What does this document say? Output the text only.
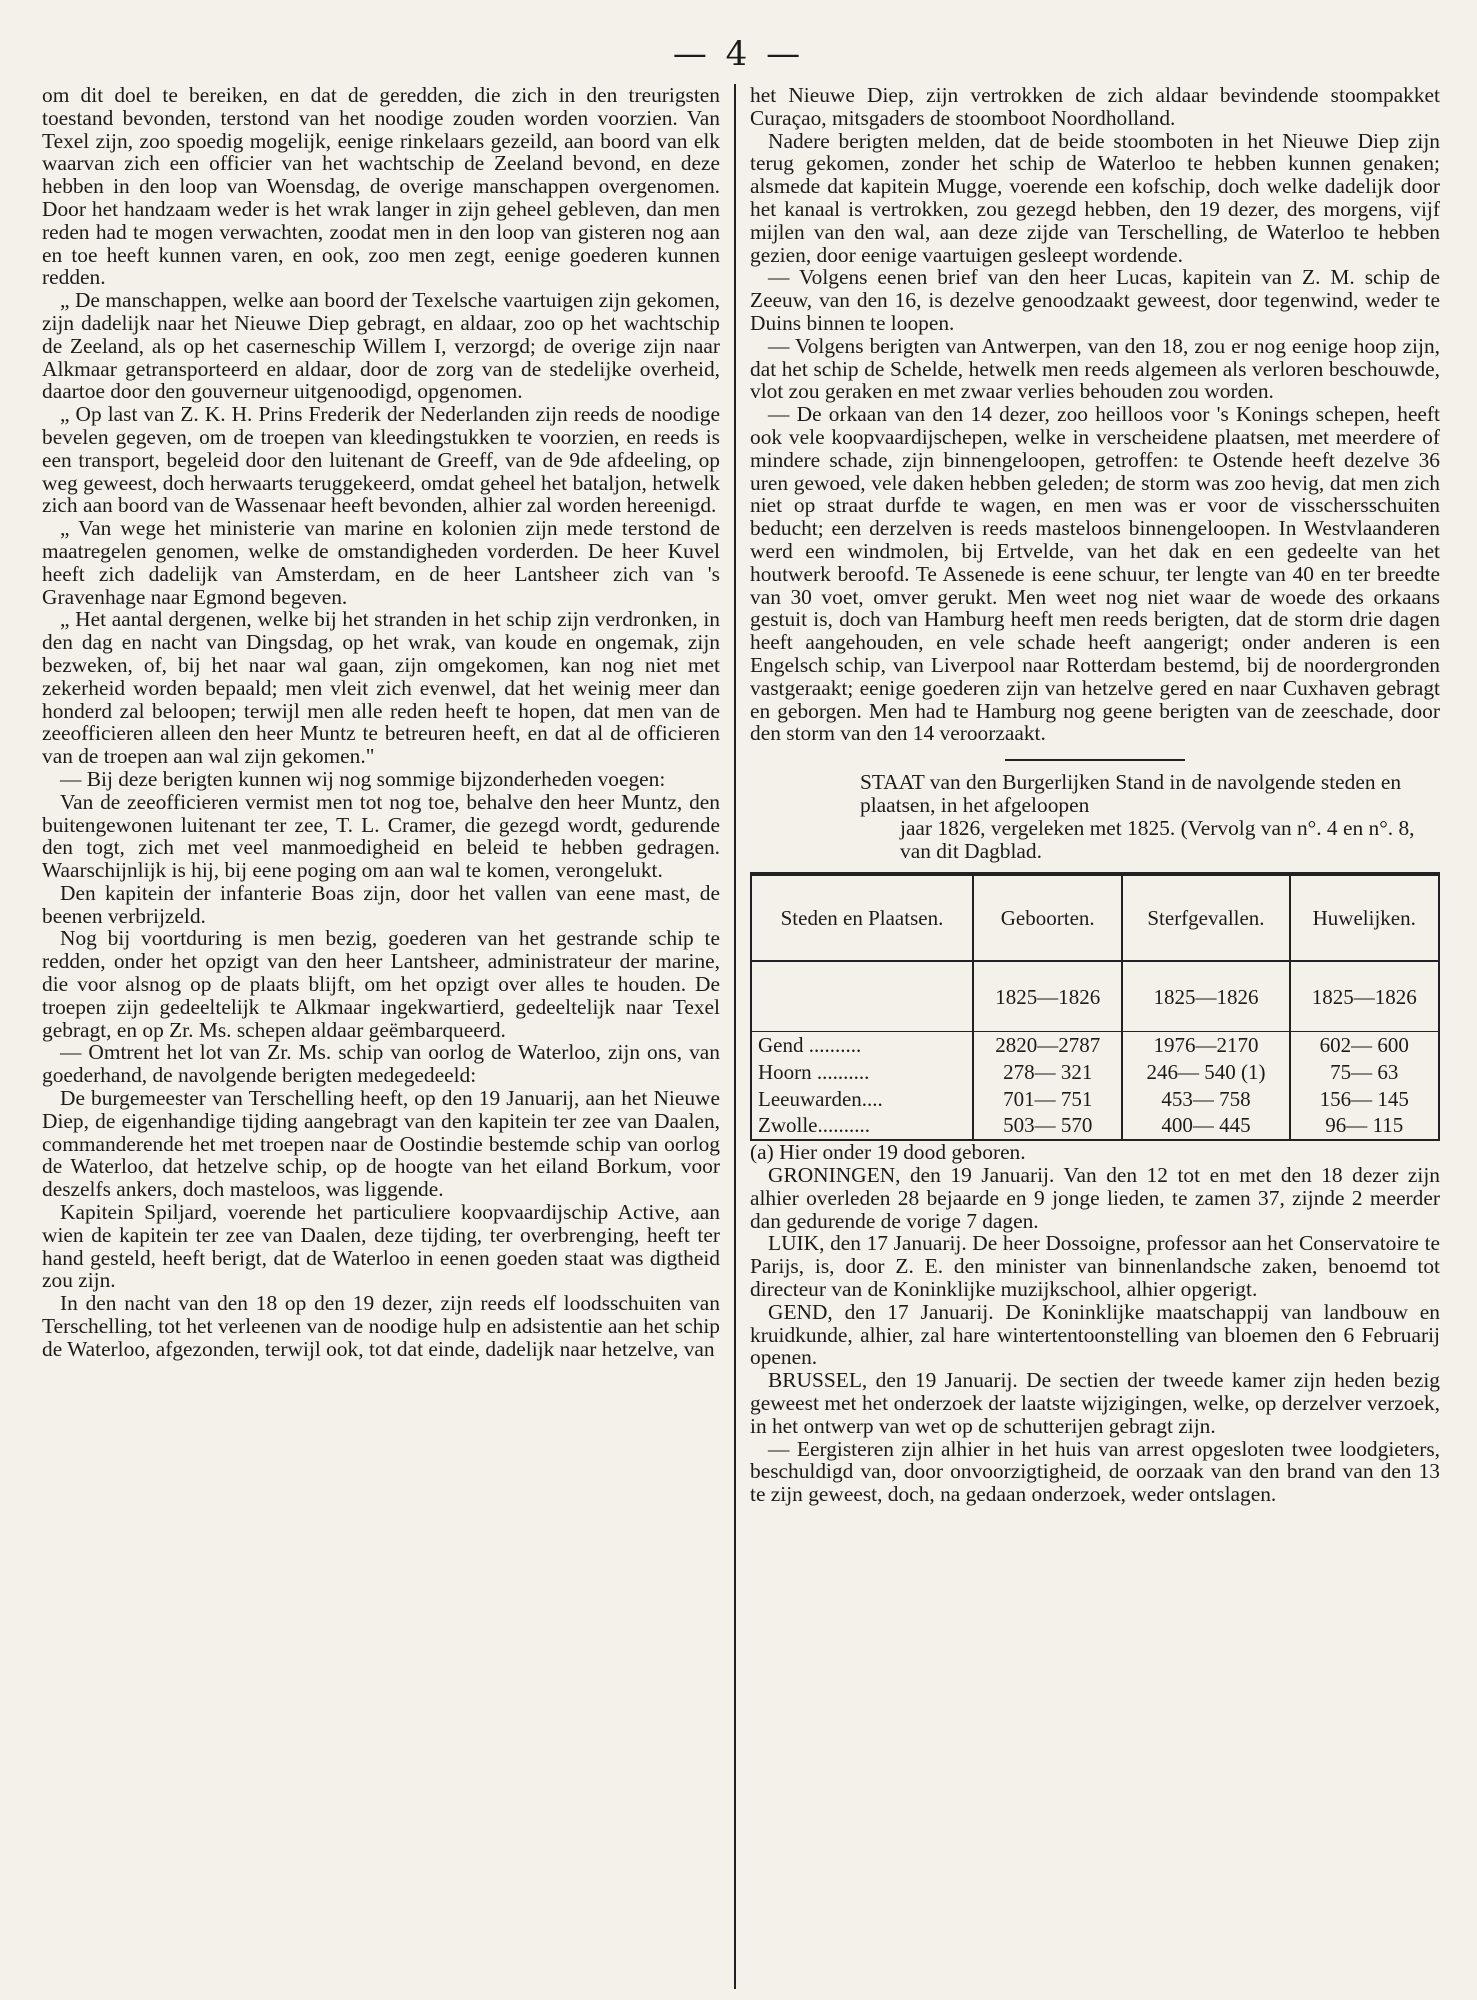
— 4 —

om dit doel te bereiken, en dat de geredden, die zich in den treurigsten toestand bevonden, terstond van het noodige zouden worden voorzien. Van Texel zijn, zoo spoedig mogelijk, eenige rinkelaars gezeild, aan boord van elk waarvan zich een officier van het wachtschip de Zeeland bevond, en deze hebben in den loop van Woensdag, de overige manschappen overgenomen. Door het handzaam weder is het wrak langer in zijn geheel gebleven, dan men reden had te mogen verwachten, zoodat men in den loop van gisteren nog aan en toe heeft kunnen varen, en ook, zoo men zegt, eenige goederen kunnen redden.

„ De manschappen, welke aan boord der Texelsche vaartuigen zijn gekomen, zijn dadelijk naar het Nieuwe Diep gebragt, en aldaar, zoo op het wachtschip de Zeeland, als op het caserneschip Willem I, verzorgd; de overige zijn naar Alkmaar getransporteerd en aldaar, door de zorg van de stedelijke overheid, daartoe door den gouverneur uitgenoodigd, opgenomen.

„ Op last van Z. K. H. Prins Frederik der Nederlanden zijn reeds de noodige bevelen gegeven, om de troepen van kleedingstukken te voorzien, en reeds is een transport, begeleid door den luitenant de Greeff, van de 9de afdeeling, op weg geweest, doch herwaarts teruggekeerd, omdat geheel het bataljon, hetwelk zich aan boord van de Wassenaar heeft bevonden, alhier zal worden hereenigd.

„ Van wege het ministerie van marine en kolonien zijn mede terstond de maatregelen genomen, welke de omstandigheden vorderden. De heer Kuvel heeft zich dadelijk van Amsterdam, en de heer Lantsheer zich van 's Gravenhage naar Egmond begeven.

„ Het aantal dergenen, welke bij het stranden in het schip zijn verdronken, in den dag en nacht van Dingsdag, op het wrak, van koude en ongemak, zijn bezweken, of, bij het naar wal gaan, zijn omgekomen, kan nog niet met zekerheid worden bepaald; men vleit zich evenwel, dat het weinig meer dan honderd zal beloopen; terwijl men alle reden heeft te hopen, dat men van de zeeofficieren alleen den heer Muntz te betreuren heeft, en dat al de officieren van de troepen aan wal zijn gekomen."

— Bij deze berigten kunnen wij nog sommige bijzonderheden voegen:

Van de zeeofficieren vermist men tot nog toe, behalve den heer Muntz, den buitengewonen luitenant ter zee, T. L. Cramer, die gezegd wordt, gedurende den togt, zich met veel manmoedigheid en beleid te hebben gedragen. Waarschijnlijk is hij, bij eene poging om aan wal te komen, verongelukt.

Den kapitein der infanterie Boas zijn, door het vallen van eene mast, de beenen verbrijzeld.

Nog bij voortduring is men bezig, goederen van het gestrande schip te redden, onder het opzigt van den heer Lantsheer, administrateur der marine, die voor alsnog op de plaats blijft, om het opzigt over alles te houden. De troepen zijn gedeeltelijk te Alkmaar ingekwartierd, gedeeltelijk naar Texel gebragt, en op Zr. Ms. schepen aldaar geëmbarqueerd.

— Omtrent het lot van Zr. Ms. schip van oorlog de Waterloo, zijn ons, van goederhand, de navolgende berigten medegedeeld:

De burgemeester van Terschelling heeft, op den 19 Januarij, aan het Nieuwe Diep, de eigenhandige tijding aangebragt van den kapitein ter zee van Daalen, commanderende het met troepen naar de Oostindie bestemde schip van oorlog de Waterloo, dat hetzelve schip, op de hoogte van het eiland Borkum, voor deszelfs ankers, doch masteloos, was liggende.

Kapitein Spiljard, voerende het particuliere koopvaardijschip Active, aan wien de kapitein ter zee van Daalen, deze tijding, ter overbrenging, heeft ter hand gesteld, heeft berigt, dat de Waterloo in eenen goeden staat was digtheid zou zijn.

In den nacht van den 18 op den 19 dezer, zijn reeds elf loodsschuiten van Terschelling, tot het verleenen van de noodige hulp en adsistentie aan het schip de Waterloo, afgezonden, terwijl ook, tot dat einde, dadelijk naar hetzelve, van

het Nieuwe Diep, zijn vertrokken de zich aldaar bevindende stoompakket Curaçao, mitsgaders de stoomboot Noordholland.

Nadere berigten melden, dat de beide stoomboten in het Nieuwe Diep zijn terug gekomen, zonder het schip de Waterloo te hebben kunnen genaken; alsmede dat kapitein Mugge, voerende een kofschip, doch welke dadelijk door het kanaal is vertrokken, zou gezegd hebben, den 19 dezer, des morgens, vijf mijlen van den wal, aan deze zijde van Terschelling, de Waterloo te hebben gezien, door eenige vaartuigen gesleept wordende.

— Volgens eenen brief van den heer Lucas, kapitein van Z. M. schip de Zeeuw, van den 16, is dezelve genoodzaakt geweest, door tegenwind, weder te Duins binnen te loopen.

— Volgens berigten van Antwerpen, van den 18, zou er nog eenige hoop zijn, dat het schip de Schelde, hetwelk men reeds algemeen als verloren beschouwde, vlot zou geraken en met zwaar verlies behouden zou worden.

— De orkaan van den 14 dezer, zoo heilloos voor 's Konings schepen, heeft ook vele koopvaardijschepen, welke in verscheidene plaatsen, met meerdere of mindere schade, zijn binnengeloopen, getroffen: te Ostende heeft dezelve 36 uren gewoed, vele daken hebben geleden; de storm was zoo hevig, dat men zich niet op straat durfde te wagen, en men was er voor de visschersschuiten beducht; een derzelven is reeds masteloos binnengeloopen. In Westvlaanderen werd een windmolen, bij Ertvelde, van het dak en een gedeelte van het houtwerk beroofd. Te Assenede is eene schuur, ter lengte van 40 en ter breedte van 30 voet, omver gerukt. Men weet nog niet waar de woede des orkaans gestuit is, doch van Hamburg heeft men reeds berigten, dat de storm drie dagen heeft aangehouden, en vele schade heeft aangerigt; onder anderen is een Engelsch schip, van Liverpool naar Rotterdam bestemd, bij de noordergronden vastgeraakt; eenige goederen zijn van hetzelve gered en naar Cuxhaven gebragt en geborgen. Men had te Hamburg nog geene berigten van de zeeschade, door den storm van den 14 veroorzaakt.

STAAT van den Burgerlijken Stand in de navolgende steden en plaatsen, in het afgeloopen
jaar 1826, vergeleken met 1825. (Vervolg van n°. 4 en n°. 8, van dit Dagblad.
Steden en Plaatsen.	Geboorten.	Sterfgevallen.	Huwelijken.
	1825—1826	1825—1826	1825—1826
Gend ..........	2820—2787	1976—2170	602— 600
Hoorn ..........	278— 321	246— 540 (1)	75— 63
Leeuwarden....	701— 751	453— 758	156— 145
Zwolle..........	503— 570	400— 445	96— 115

(a) Hier onder 19 dood geboren.

GRONINGEN, den 19 Januarij. Van den 12 tot en met den 18 dezer zijn alhier overleden 28 bejaarde en 9 jonge lieden, te zamen 37, zijnde 2 meerder dan gedurende de vorige 7 dagen.

LUIK, den 17 Januarij. De heer Dossoigne, professor aan het Conservatoire te Parijs, is, door Z. E. den minister van binnenlandsche zaken, benoemd tot directeur van de Koninklijke muzijkschool, alhier opgerigt.

GEND, den 17 Januarij. De Koninklijke maatschappij van landbouw en kruidkunde, alhier, zal hare wintertentoonstelling van bloemen den 6 Februarij openen.

BRUSSEL, den 19 Januarij. De sectien der tweede kamer zijn heden bezig geweest met het onderzoek der laatste wijzigingen, welke, op derzelver verzoek, in het ontwerp van wet op de schutterijen gebragt zijn.

— Eergisteren zijn alhier in het huis van arrest opgesloten twee loodgieters, beschuldigd van, door onvoorzigtigheid, de oorzaak van den brand van den 13 te zijn geweest, doch, na gedaan onderzoek, weder ontslagen.
